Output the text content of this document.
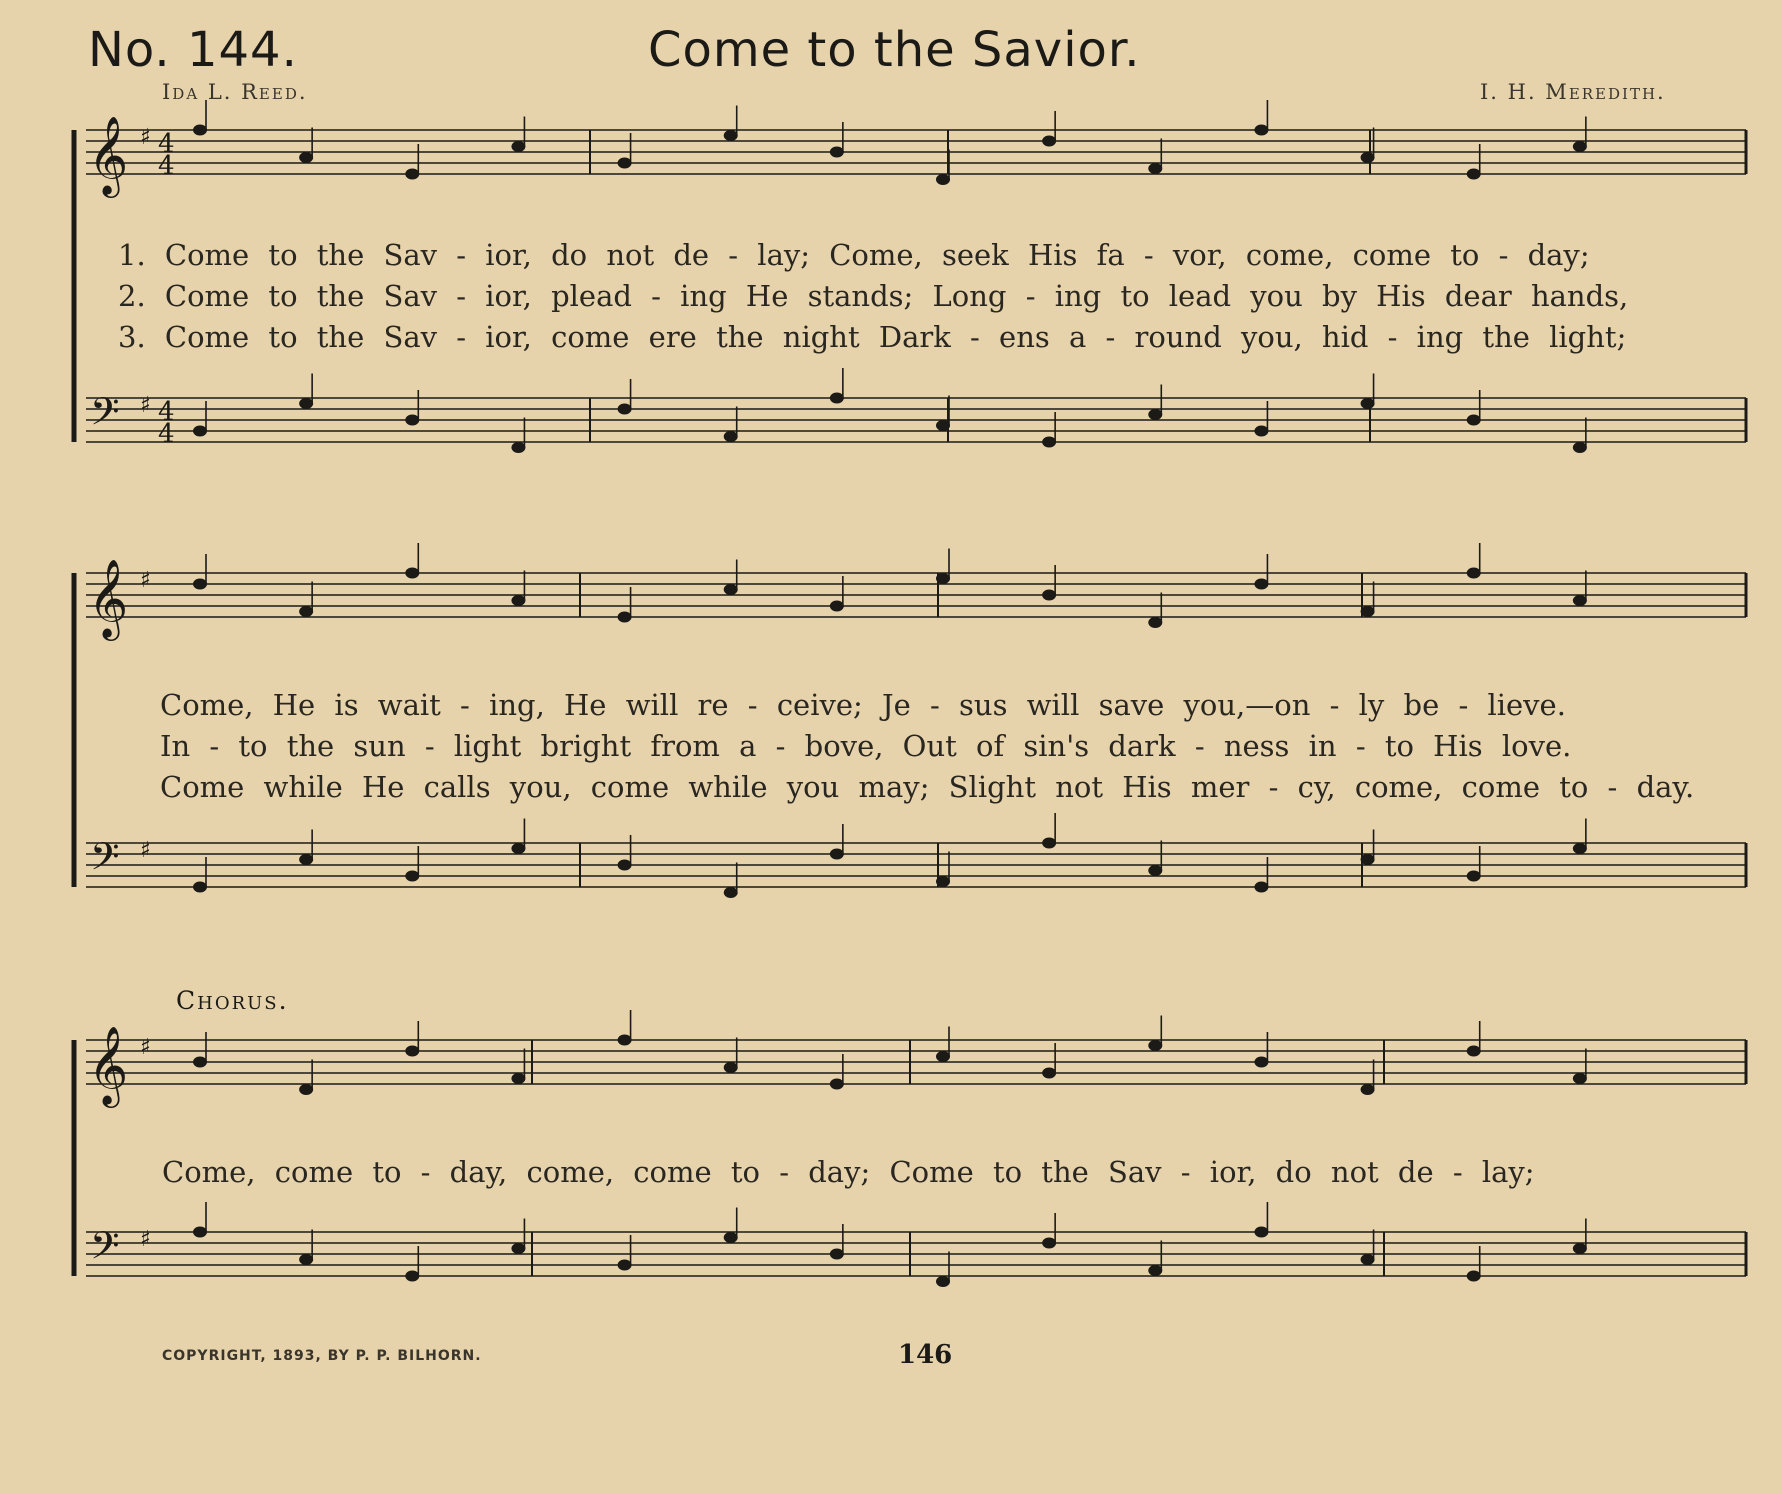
No. 144.	Come to the Savior.
Ida L. Reed.	I. H. Meredith.
𝄞 ♯ 4
4
𝄢 ♯ 4
4
𝄞 ♯
𝄢 ♯
𝄞 ♯
𝄢 ♯
1. Come to the Sav - ior, do not de - lay; Come, seek His fa - vor, come, come to - day;
2. Come to the Sav - ior, plead - ing He stands; Long - ing to lead you by His dear hands,
3. Come to the Sav - ior, come ere the night Dark - ens a - round you, hid - ing the light;
Come, He is wait - ing, He will re - ceive; Je - sus will save you,—on - ly be - lieve.
In - to the sun - light bright from a - bove, Out of sin's dark - ness in - to His love.
Come while He calls you, come while you may; Slight not His mer - cy, come, come to - day.
Chorus.
Come, come to - day, come, come to - day; Come to the Sav - ior, do not de - lay;
COPYRIGHT, 1893, BY P. P. BILHORN.	146
